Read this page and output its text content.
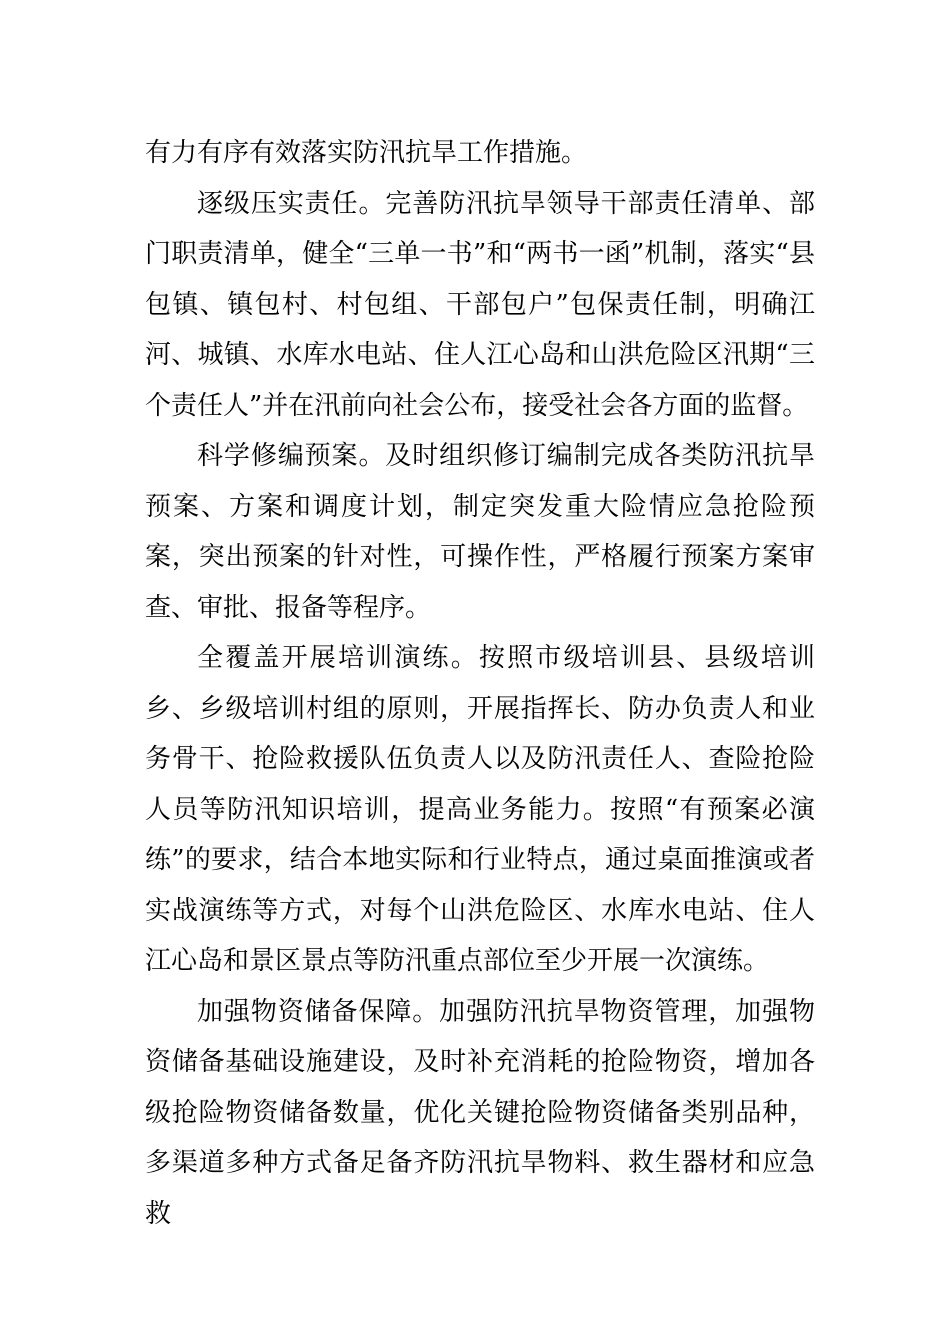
有力有序有效落实防汛抗旱工作措施。

逐级压实责任。完善防汛抗旱领导干部责任清单、部门职责清单，健全“三单一书”和“两书一函”机制，落实“县包镇、镇包村、村包组、干部包户”包保责任制，明确江河、城镇、水库水电站、住人江心岛和山洪危险区汛期“三个责任人”并在汛前向社会公布，接受社会各方面的监督。

科学修编预案。及时组织修订编制完成各类防汛抗旱预案、方案和调度计划，制定突发重大险情应急抢险预案，突出预案的针对性，可操作性，严格履行预案方案审查、审批、报备等程序。

全覆盖开展培训演练。按照市级培训县、县级培训乡、乡级培训村组的原则，开展指挥长、防办负责人和业务骨干、抢险救援队伍负责人以及防汛责任人、查险抢险人员等防汛知识培训，提高业务能力。按照“有预案必演练”的要求，结合本地实际和行业特点，通过桌面推演或者实战演练等方式，对每个山洪危险区、水库水电站、住人江心岛和景区景点等防汛重点部位至少开展一次演练。

加强物资储备保障。加强防汛抗旱物资管理，加强物资储备基础设施建设，及时补充消耗的抢险物资，增加各级抢险物资储备数量，优化关键抢险物资储备类别品种，多渠道多种方式备足备齐防汛抗旱物料、救生器材和应急救
